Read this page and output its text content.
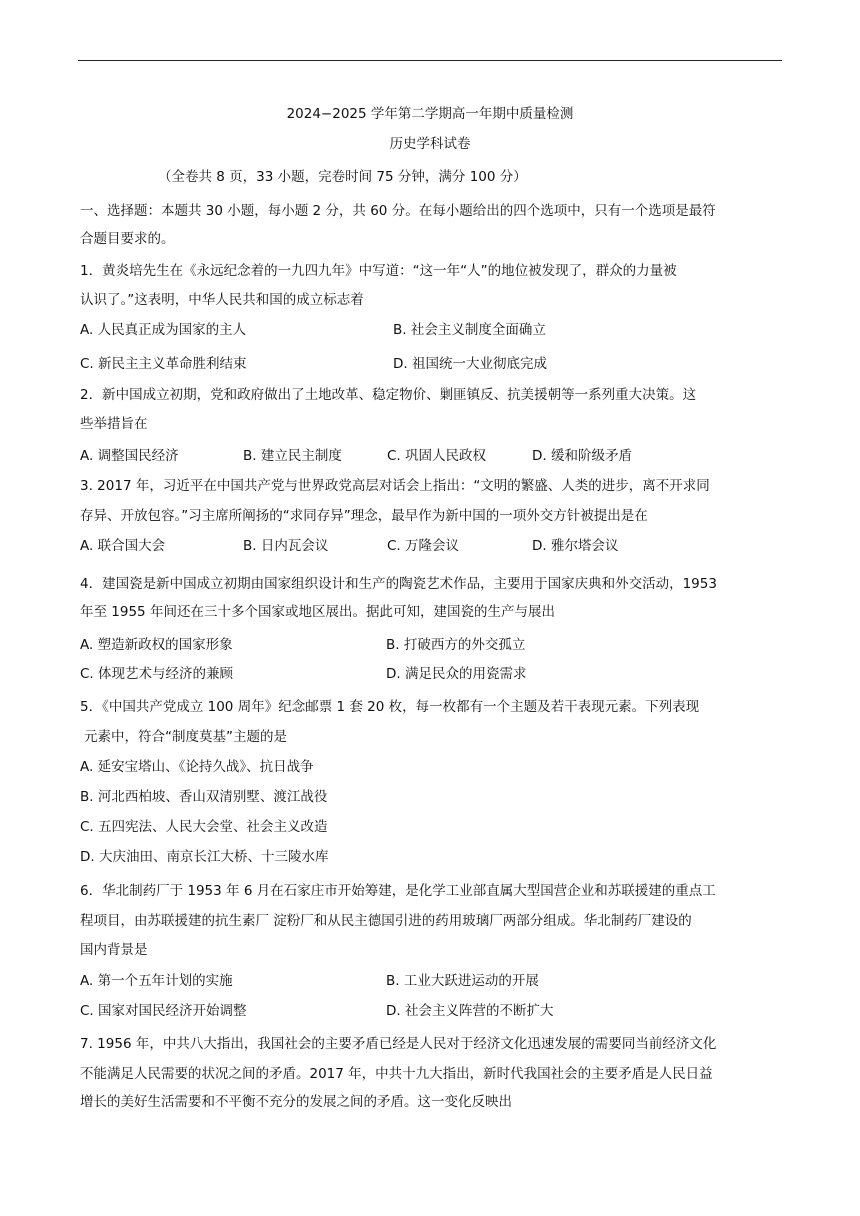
2024−2025 学年第二学期高一年期中质量检测
历史学科试卷
（全卷共 8 页，33 小题，完卷时间 75 分钟，满分 100 分）
一、选择题：本题共 30 小题，每小题 2 分，共 60 分。在每小题给出的四个选项中，只有一个选项是最符
合题目要求的。
1．黄炎培先生在《永远纪念着的一九四九年》中写道：“这一年“人”的地位被发现了，群众的力量被
认识了。”这表明，中华人民共和国的成立标志着
A. 人民真正成为国家的主人	B. 社会主义制度全面确立
C. 新民主主义革命胜利结束	D. 祖国统一大业彻底完成
2．新中国成立初期，党和政府做出了土地改革、稳定物价、剿匪镇反、抗美援朝等一系列重大决策。这
些举措旨在
A. 调整国民经济	B. 建立民主制度	C. 巩固人民政权	D. 缓和阶级矛盾
3. 2017 年，习近平在中国共产党与世界政党高层对话会上指出：“文明的繁盛、人类的进步，离不开求同
存异、开放包容。”习主席所阐扬的“求同存异”理念，最早作为新中国的一项外交方针被提出是在
A. 联合国大会	B. 日内瓦会议	C. 万隆会议	D. 雅尔塔会议
4．建国瓷是新中国成立初期由国家组织设计和生产的陶瓷艺术作品，主要用于国家庆典和外交活动，1953
年至 1955 年间还在三十多个国家或地区展出。据此可知，建国瓷的生产与展出
A. 塑造新政权的国家形象	B. 打破西方的外交孤立
C. 体现艺术与经济的兼顾	D. 满足民众的用瓷需求
5．《中国共产党成立 100 周年》纪念邮票 1 套 20 枚，每一枚都有一个主题及若干表现元素。下列表现
元素中，符合“制度莫基”主题的是
A. 延安宝塔山、《论持久战》、抗日战争
B. 河北西柏坡、香山双清别墅、渡江战役
C. 五四宪法、人民大会堂、社会主义改造
D. 大庆油田、南京长江大桥、十三陵水库
6．华北制药厂于 1953 年 6 月在石家庄市开始筹建，是化学工业部直属大型国营企业和苏联援建的重点工
程项目，由苏联援建的抗生素厂 淀粉厂和从民主德国引进的药用玻璃厂两部分组成。华北制药厂建设的
国内背景是
A. 第一个五年计划的实施	B. 工业大跃进运动的开展
C. 国家对国民经济开始调整	D. 社会主义阵营的不断扩大
7. 1956 年，中共八大指出，我国社会的主要矛盾已经是人民对于经济文化迅速发展的需要同当前经济文化
不能满足人民需要的状况之间的矛盾。2017 年，中共十九大指出，新时代我国社会的主要矛盾是人民日益
增长的美好生活需要和不平衡不充分的发展之间的矛盾。这一变化反映出
